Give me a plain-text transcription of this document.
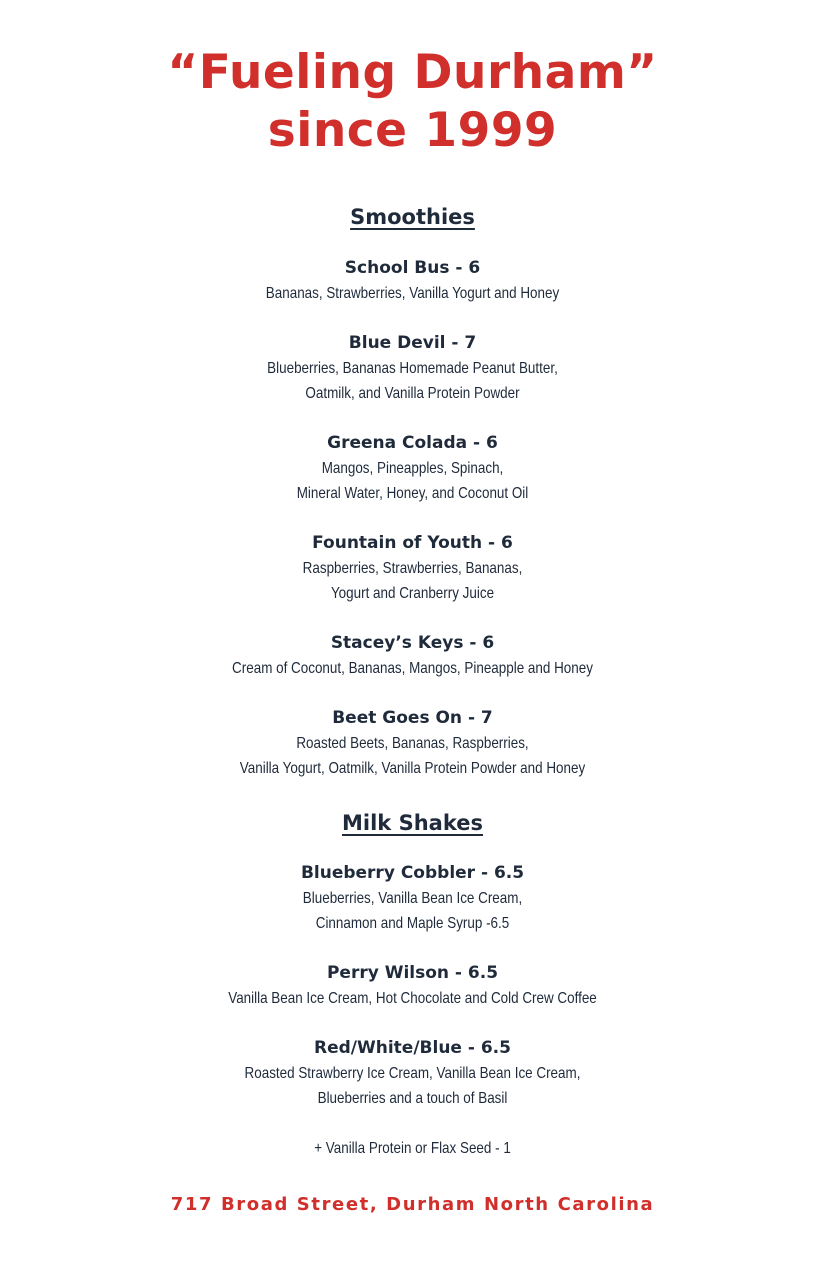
“Fueling Durham”
since 1999
Smoothies
School Bus - 6
Bananas, Strawberries, Vanilla Yogurt and Honey
Blue Devil - 7
Blueberries, Bananas Homemade Peanut Butter,
Oatmilk, and Vanilla Protein Powder
Greena Colada - 6
Mangos, Pineapples, Spinach,
Mineral Water, Honey, and Coconut Oil
Fountain of Youth - 6
Raspberries, Strawberries, Bananas,
Yogurt and Cranberry Juice
Stacey’s Keys - 6
Cream of Coconut, Bananas, Mangos, Pineapple and Honey
Beet Goes On - 7
Roasted Beets, Bananas, Raspberries,
Vanilla Yogurt, Oatmilk, Vanilla Protein Powder and Honey
Milk Shakes
Blueberry Cobbler - 6.5
Blueberries, Vanilla Bean Ice Cream,
Cinnamon and Maple Syrup -6.5
Perry Wilson - 6.5
Vanilla Bean Ice Cream, Hot Chocolate and Cold Crew Coffee
Red/White/Blue - 6.5
Roasted Strawberry Ice Cream, Vanilla Bean Ice Cream,
Blueberries and a touch of Basil
+ Vanilla Protein or Flax Seed - 1
717 Broad Street, Durham North Carolina
